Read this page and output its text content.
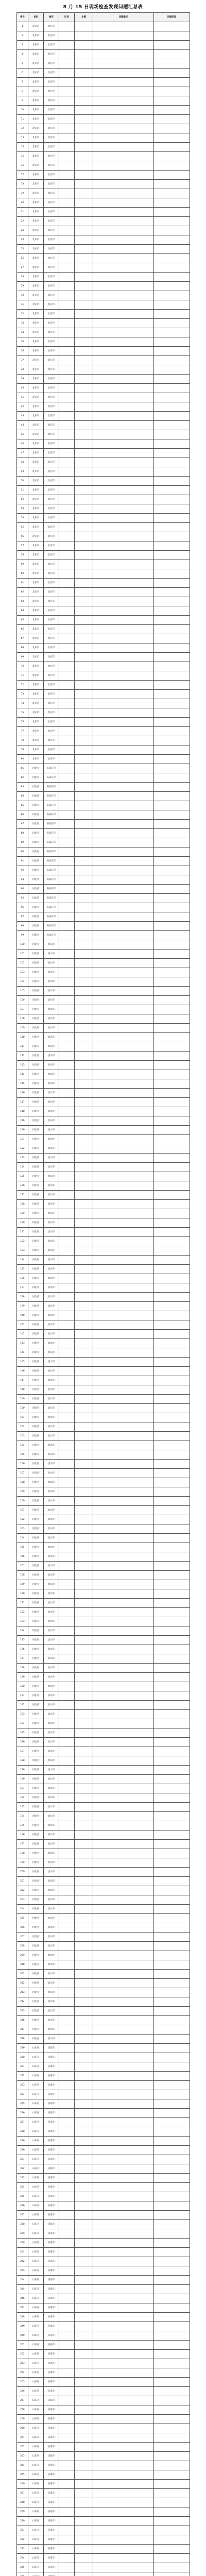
8 月 15 日现场检查发现问题汇总表
序号	省份	城市	区县	乡镇	问题描述	问题类型
1	北京市	北京市				
2	北京市	北京市				
3	北京市	北京市				
4	北京市	北京市				
5	北京市	北京市				
6	北京市	北京市				
7	北京市	北京市				
8	北京市	北京市				
9	北京市	北京市				
10	北京市	北京市				
11	北京市	北京市				
12	北京市	北京市				
13	北京市	北京市				
14	北京市	北京市				
15	北京市	北京市				
16	北京市	北京市				
17	北京市	北京市				
18	北京市	北京市				
19	北京市	北京市				
20	北京市	北京市				
21	北京市	北京市				
22	北京市	北京市				
23	北京市	北京市				
24	北京市	北京市				
25	北京市	北京市				
26	北京市	北京市				
27	北京市	北京市				
28	北京市	北京市				
29	北京市	北京市				
30	北京市	北京市				
31	北京市	北京市				
32	北京市	北京市				
33	北京市	北京市				
34	北京市	北京市				
35	北京市	北京市				
36	北京市	北京市				
37	北京市	北京市				
38	北京市	北京市				
39	北京市	北京市				
40	北京市	北京市				
41	北京市	北京市				
42	北京市	北京市				
43	北京市	北京市				
44	北京市	北京市				
45	北京市	北京市				
46	北京市	北京市				
47	北京市	北京市				
48	北京市	北京市				
49	北京市	北京市				
50	北京市	北京市				
51	北京市	北京市				
52	北京市	北京市				
53	北京市	北京市				
54	北京市	北京市				
55	北京市	北京市				
56	北京市	北京市				
57	北京市	北京市				
58	北京市	北京市				
59	北京市	北京市				
60	北京市	北京市				
61	北京市	北京市				
62	北京市	北京市				
63	北京市	北京市				
64	北京市	北京市				
65	北京市	北京市				
66	北京市	北京市				
67	北京市	北京市				
68	北京市	北京市				
69	北京市	北京市				
70	北京市	北京市				
71	北京市	北京市				
72	北京市	北京市				
73	北京市	北京市				
74	北京市	北京市				
75	北京市	北京市				
76	北京市	北京市				
77	北京市	北京市				
78	北京市	北京市				
79	北京市	北京市				
80	北京市	北京市				
81	河北省	石家庄市				
82	河北省	石家庄市				
83	河北省	石家庄市				
84	河北省	石家庄市				
85	河北省	石家庄市				
86	河北省	石家庄市				
87	河北省	石家庄市				
88	河北省	石家庄市				
89	河北省	石家庄市				
90	河北省	石家庄市				
91	河北省	石家庄市				
92	河北省	石家庄市				
93	河北省	石家庄市				
94	河北省	石家庄市				
95	河北省	石家庄市				
96	河北省	石家庄市				
97	河北省	石家庄市				
98	河北省	石家庄市				
99	河北省	石家庄市				
100	河北省	唐山市				
101	河北省	唐山市				
102	河北省	唐山市				
103	河北省	唐山市				
104	河北省	唐山市				
105	河北省	唐山市				
106	河北省	唐山市				
107	河北省	唐山市				
108	河北省	唐山市				
109	河北省	唐山市				
110	河北省	唐山市				
111	河北省	唐山市				
112	河北省	唐山市				
113	河北省	唐山市				
114	河北省	唐山市				
115	河北省	唐山市				
116	河北省	唐山市				
117	河北省	唐山市				
118	河北省	唐山市				
119	河北省	唐山市				
120	河北省	唐山市				
121	河北省	唐山市				
122	河北省	唐山市				
123	河北省	唐山市				
124	河北省	唐山市				
125	河北省	唐山市				
126	河北省	唐山市				
127	河北省	唐山市				
128	河北省	唐山市				
129	河北省	唐山市				
130	河北省	唐山市				
131	河北省	唐山市				
132	河北省	唐山市				
133	河北省	唐山市				
134	河北省	唐山市				
135	河北省	唐山市				
136	河北省	唐山市				
137	河北省	唐山市				
138	河北省	唐山市				
139	河北省	唐山市				
140	河北省	唐山市				
141	河北省	唐山市				
142	河北省	唐山市				
143	河北省	唐山市				
144	河北省	唐山市				
145	河北省	唐山市				
146	河北省	唐山市				
147	河北省	唐山市				
148	河北省	唐山市				
149	河北省	唐山市				
150	河北省	唐山市				
151	河北省	唐山市				
152	河北省	唐山市				
153	河北省	唐山市				
154	河北省	唐山市				
155	河北省	唐山市				
156	河北省	唐山市				
157	河北省	唐山市				
158	河北省	唐山市				
159	河北省	唐山市				
160	河北省	唐山市				
161	河北省	唐山市				
162	河北省	唐山市				
163	河北省	唐山市				
164	河北省	唐山市				
165	河北省	唐山市				
166	河北省	唐山市				
167	河北省	唐山市				
168	河北省	唐山市				
169	河北省	唐山市				
170	河北省	唐山市				
171	河北省	唐山市				
172	河北省	唐山市				
173	河北省	唐山市				
174	河北省	唐山市				
175	河北省	唐山市				
176	河北省	唐山市				
177	河北省	唐山市				
178	河北省	唐山市				
179	河北省	唐山市				
180	河北省	唐山市				
181	河北省	唐山市				
182	河北省	唐山市				
183	河北省	唐山市				
184	河北省	唐山市				
185	河北省	唐山市				
186	河北省	唐山市				
187	河北省	唐山市				
188	河北省	唐山市				
189	河北省	唐山市				
190	河北省	唐山市				
191	河北省	唐山市				
192	河北省	唐山市				
193	河北省	唐山市				
194	河北省	唐山市				
195	河北省	唐山市				
196	河北省	唐山市				
197	河北省	唐山市				
198	河北省	唐山市				
199	河北省	唐山市				
200	河北省	唐山市				
201	河北省	唐山市				
202	河北省	唐山市				
203	河北省	唐山市				
204	河北省	唐山市				
205	河北省	唐山市				
206	河北省	唐山市				
207	河北省	唐山市				
208	河北省	唐山市				
209	河北省	唐山市				
210	河北省	唐山市				
211	河北省	唐山市				
212	河北省	唐山市				
213	河北省	唐山市				
214	河北省	唐山市				
215	河北省	唐山市				
216	河北省	唐山市				
217	河北省	唐山市				
218	河北省	唐山市				
219	山东省	济南市				
220	山东省	济南市				
221	山东省	济南市				
222	山东省	济南市				
223	山东省	济南市				
224	山东省	济南市				
225	山东省	济南市				
226	山东省	济南市				
227	山东省	济南市				
228	山东省	济南市				
229	山东省	济南市				
230	山东省	济南市				
231	山东省	济南市				
232	山东省	济南市				
233	山东省	济南市				
234	山东省	济南市				
235	山东省	济南市				
236	山东省	济南市				
237	山东省	济南市				
238	山东省	济南市				
239	山东省	济南市				
240	山东省	济南市				
241	山东省	济南市				
242	山东省	济南市				
243	山东省	济南市				
244	山东省	济南市				
245	山东省	济南市				
246	山东省	济南市				
247	山东省	济南市				
248	山东省	济南市				
249	山东省	济南市				
250	山东省	济南市				
251	山东省	济南市				
252	山东省	济南市				
253	山东省	济南市				
254	山东省	济南市				
255	山东省	济南市				
256	山东省	济南市				
257	山东省	济南市				
258	山东省	济南市				
259	山东省	济南市				
260	山东省	济南市				
261	山东省	济南市				
262	山东省	济南市				
263	山东省	济南市				
264	山东省	济南市				
265	山东省	济南市				
266	山东省	济南市				
267	山东省	济南市				
268	山东省	济南市				
269	山东省	济南市				
270	山东省	济南市				
271	山东省	济南市				
272	山东省	济南市				
273	山东省	济南市				
274	山东省	济南市				
275	山东省	济南市				
